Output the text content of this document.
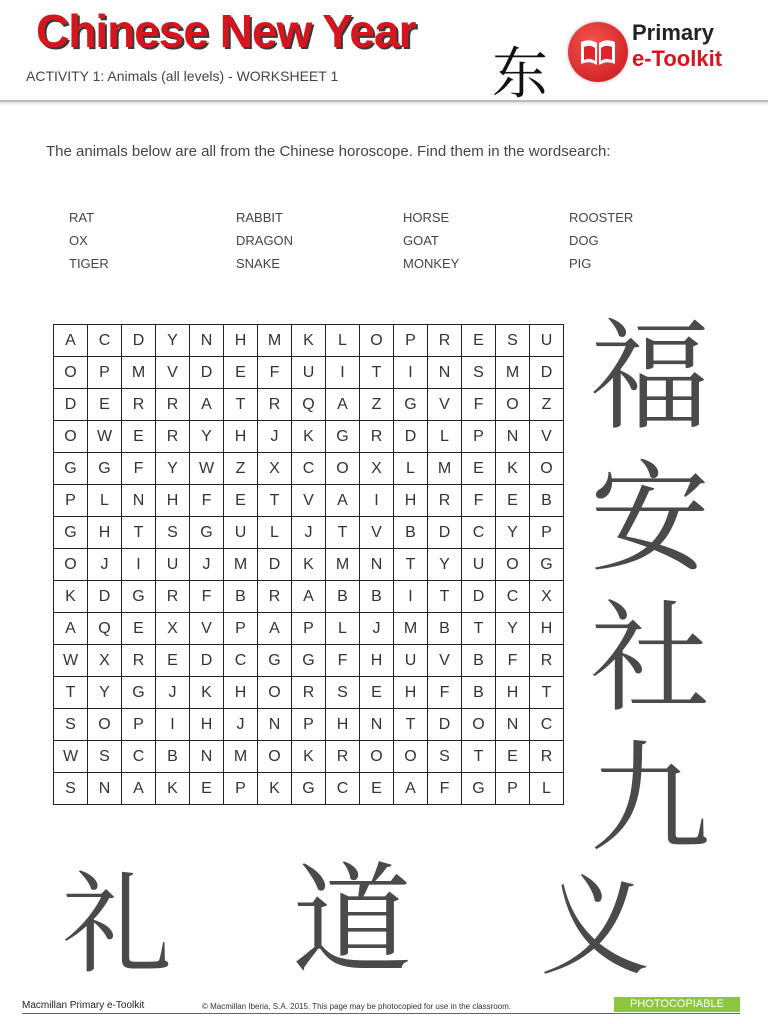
Chinese New Year
ACTIVITY 1: Animals (all levels) - WORKSHEET 1	东
Primary
e-Toolkit
The animals below are all from the Chinese horoscope. Find them in the wordsearch:
RAT
OX
TIGER
RABBIT
DRAGON
SNAKE
HORSE
GOAT
MONKEY
ROOSTER
DOG
PIG
A	C	D	Y	N	H	M	K	L	O	P	R	E	S	U
O	P	M	V	D	E	F	U	I	T	I	N	S	M	D
D	E	R	R	A	T	R	Q	A	Z	G	V	F	O	Z
O	W	E	R	Y	H	J	K	G	R	D	L	P	N	V
G	G	F	Y	W	Z	X	C	O	X	L	M	E	K	O
P	L	N	H	F	E	T	V	A	I	H	R	F	E	B
G	H	T	S	G	U	L	J	T	V	B	D	C	Y	P
O	J	I	U	J	M	D	K	M	N	T	Y	U	O	G
K	D	G	R	F	B	R	A	B	B	I	T	D	C	X
A	Q	E	X	V	P	A	P	L	J	M	B	T	Y	H
W	X	R	E	D	C	G	G	F	H	U	V	B	F	R
T	Y	G	J	K	H	O	R	S	E	H	F	B	H	T
S	O	P	I	H	J	N	P	H	N	T	D	O	N	C
W	S	C	B	N	M	O	K	R	O	O	S	T	E	R
S	N	A	K	E	P	K	G	C	E	A	F	G	P	L
福
安
社
九
礼 道 义
Macmillan Primary e-Toolkit	© Macmillan Iberia, S.A. 2015. This page may be photocopied for use in the classroom.	PHOTOCOPIABLE
